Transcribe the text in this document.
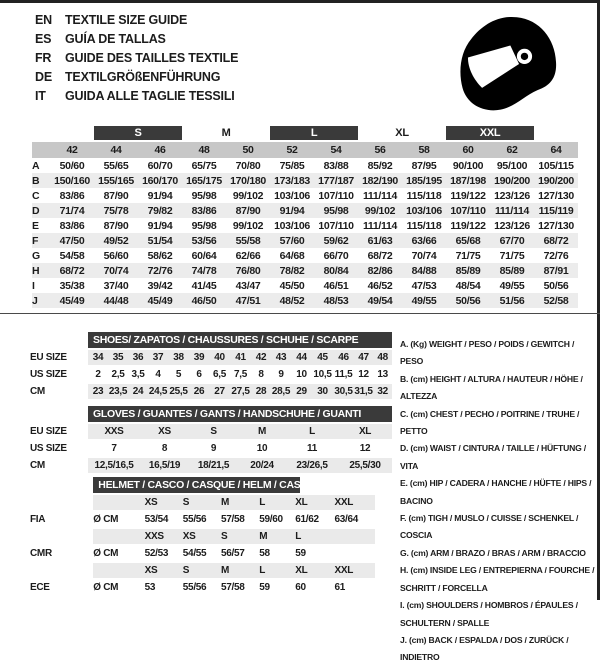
EN	TEXTILE SIZE GUIDE
ES	GUÍA DE TALLAS
FR	GUIDE DES TAILLES TEXTILE
DE	TEXTILGRÖßENFÜHRUNG
IT	GUIDA ALLE TAGLIE TESSILI
		S		M		L		XL		XXL		
	42	44	46	48	50	52	54	56	58	60	62	64
A	50/60	55/65	60/70	65/75	70/80	75/85	83/88	85/92	87/95	90/100	95/100	105/115
B	150/160	155/165	160/170	165/175	170/180	173/183	177/187	182/190	185/195	187/198	190/200	190/200
C	83/86	87/90	91/94	95/98	99/102	103/106	107/110	111/114	115/118	119/122	123/126	127/130
D	71/74	75/78	79/82	83/86	87/90	91/94	95/98	99/102	103/106	107/110	111/114	115/119
E	83/86	87/90	91/94	95/98	99/102	103/106	107/110	111/114	115/118	119/122	123/126	127/130
F	47/50	49/52	51/54	53/56	55/58	57/60	59/62	61/63	63/66	65/68	67/70	68/72
G	54/58	56/60	58/62	60/64	62/66	64/68	66/70	68/72	70/74	71/75	71/75	72/76
H	68/72	70/74	72/76	74/78	76/80	78/82	80/84	82/86	84/88	85/89	85/89	87/91
I	35/38	37/40	39/42	41/45	43/47	45/50	46/51	46/52	47/53	48/54	49/55	50/56
J	45/49	44/48	45/49	46/50	47/51	48/52	48/53	49/54	49/55	50/56	51/56	52/58
	SHOES/ ZAPATOS / CHAUSSURES / SCHUHE / SCARPE														
EU SIZE	34	35	36	37	38	39	40	41	42	43	44	45	46	47	48
US SIZE	2	2,5	3,5	4	5	6	6,5	7,5	8	9	10	10,5	11,5	12	13
CM	23	23,5	24	24,5	25,5	26	27	27,5	28	28,5	29	30	30,5	31,5	32
	GLOVES / GUANTES / GANTS / HANDSCHUHE / GUANTI					
EU SIZE	XXS	XS	S	M	L	XL
US SIZE	7	8	9	10	11	12
CM	12,5/16,5	16,5/19	18/21,5	20/24	23/26,5	25,5/30

	HELMET / CASCO / CASQUE / HELM / CASCO						

		XS	S	M	L	XL	XXL
FIA	Ø CM	53/54	55/56	57/58	59/60	61/62	63/64
		XXS	XS	S	M	L	
CMR	Ø CM	52/53	54/55	56/57	58	59	
		XS	S	M	L	XL	XXL
ECE	Ø CM	53	55/56	57/58	59	60	61
A. (Kg) WEIGHT / PESO / POIDS / GEWITCH / PESO
B. (cm) HEIGHT / ALTURA / HAUTEUR / HÖHE / ALTEZZA
C. (cm) CHEST / PECHO / POITRINE / TRUHE / PETTO
D. (cm) WAIST / CINTURA / TAILLE / HÜFTUNG / VITA
E. (cm) HIP / CADERA / HANCHE / HÜFTE / HIPS / BACINO
F. (cm) TIGH / MUSLO / CUISSE / SCHENKEL / COSCIA
G. (cm) ARM / BRAZO / BRAS / ARM / BRACCIO
H. (cm) INSIDE LEG / ENTREPIERNA / FOURCHE / SCHRITT / FORCELLA
I. (cm) SHOULDERS / HOMBROS / ÉPAULES / SCHULTERN / SPALLE
J. (cm) BACK / ESPALDA / DOS / ZURÜCK / INDIETRO
